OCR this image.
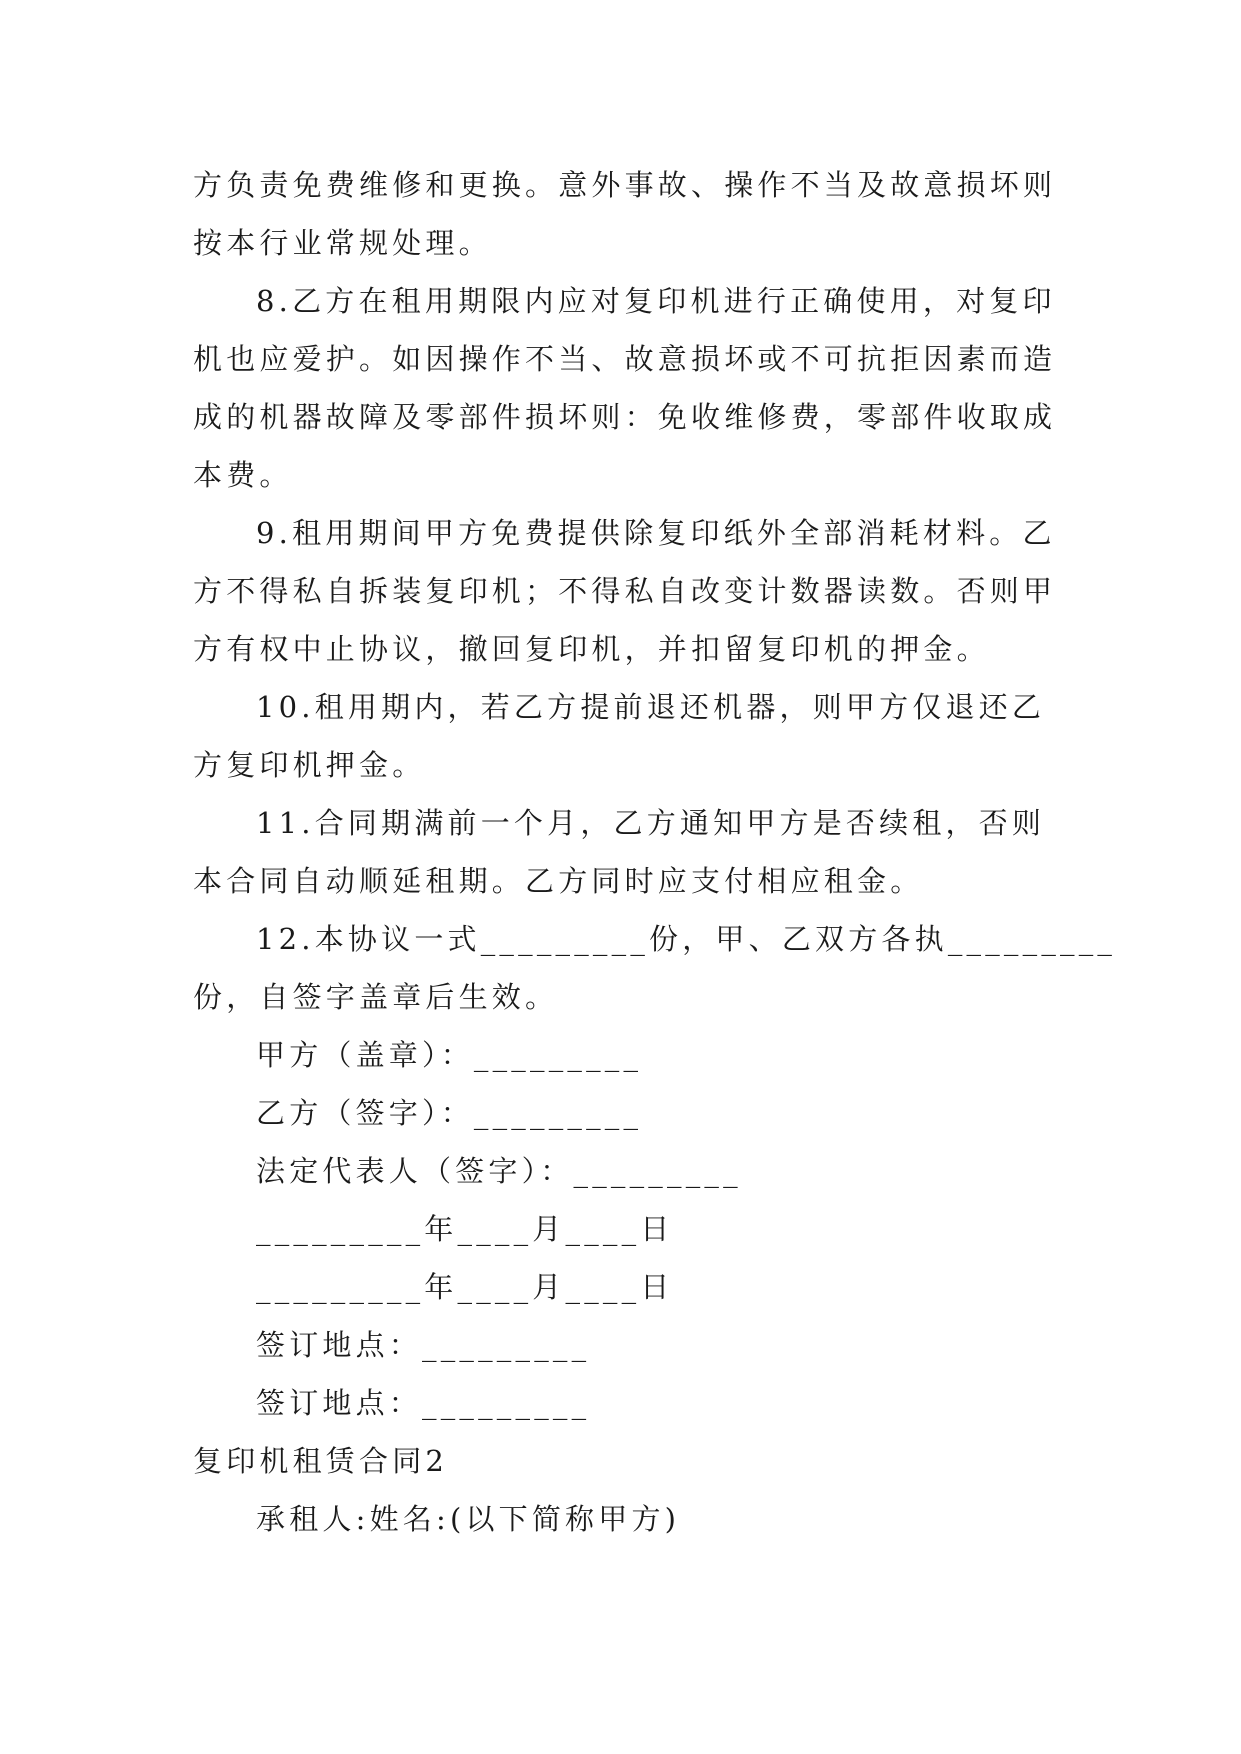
方负责免费维修和更换。意外事故、操作不当及故意损坏则
按本行业常规处理。
8.乙方在租用期限内应对复印机进行正确使用，对复印
机也应爱护。如因操作不当、故意损坏或不可抗拒因素而造
成的机器故障及零部件损坏则：免收维修费，零部件收取成
本费。
9.租用期间甲方免费提供除复印纸外全部消耗材料。乙
方不得私自拆装复印机；不得私自改变计数器读数。否则甲
方有权中止协议，撤回复印机，并扣留复印机的押金。
10.租用期内，若乙方提前退还机器，则甲方仅退还乙
方复印机押金。
11.合同期满前一个月，乙方通知甲方是否续租，否则
本合同自动顺延租期。乙方同时应支付相应租金。
12.本协议一式_________份，甲、乙双方各执_________
份，自签字盖章后生效。
甲方（盖章）：_________
乙方（签字）：_________
法定代表人（签字）：_________
_________年____月____日
_________年____月____日
签订地点：_________
签订地点：_________
复印机租赁合同2
承租人:姓名:(以下简称甲方)
